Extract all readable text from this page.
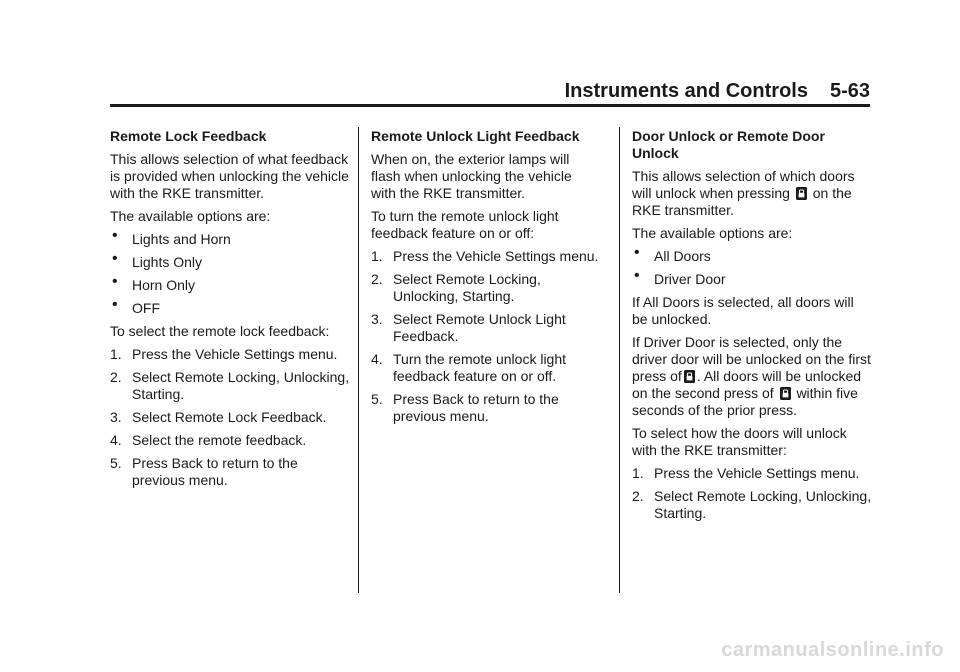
Instruments and Controls 5-63
Remote Lock Feedback

This allows selection of what feedback is provided when unlocking the vehicle with the RKE transmitter.

The available options are:

• Lights and Horn
• Lights Only
• Horn Only
• OFF

To select the remote lock feedback:

1. Press the Vehicle Settings menu.
2. Select Remote Locking, Unlocking, Starting.
3. Select Remote Lock Feedback.
4. Select the remote feedback.
5. Press Back to return to the previous menu.
Remote Unlock Light Feedback

When on, the exterior lamps will flash when unlocking the vehicle with the RKE transmitter.

To turn the remote unlock light feedback feature on or off:

1. Press the Vehicle Settings menu.
2. Select Remote Locking, Unlocking, Starting.
3. Select Remote Unlock Light Feedback.
4. Turn the remote unlock light feedback feature on or off.
5. Press Back to return to the previous menu.
Door Unlock or Remote Door Unlock

This allows selection of which doors will unlock when pressing on the RKE transmitter.

The available options are:

• All Doors
• Driver Door

If All Doors is selected, all doors will be unlocked.

If Driver Door is selected, only the driver door will be unlocked on the first press of . All doors will be unlocked on the second press of within five seconds of the prior press.

To select how the doors will unlock with the RKE transmitter:

1. Press the Vehicle Settings menu.
2. Select Remote Locking, Unlocking, Starting.
carmanualsonline.info
